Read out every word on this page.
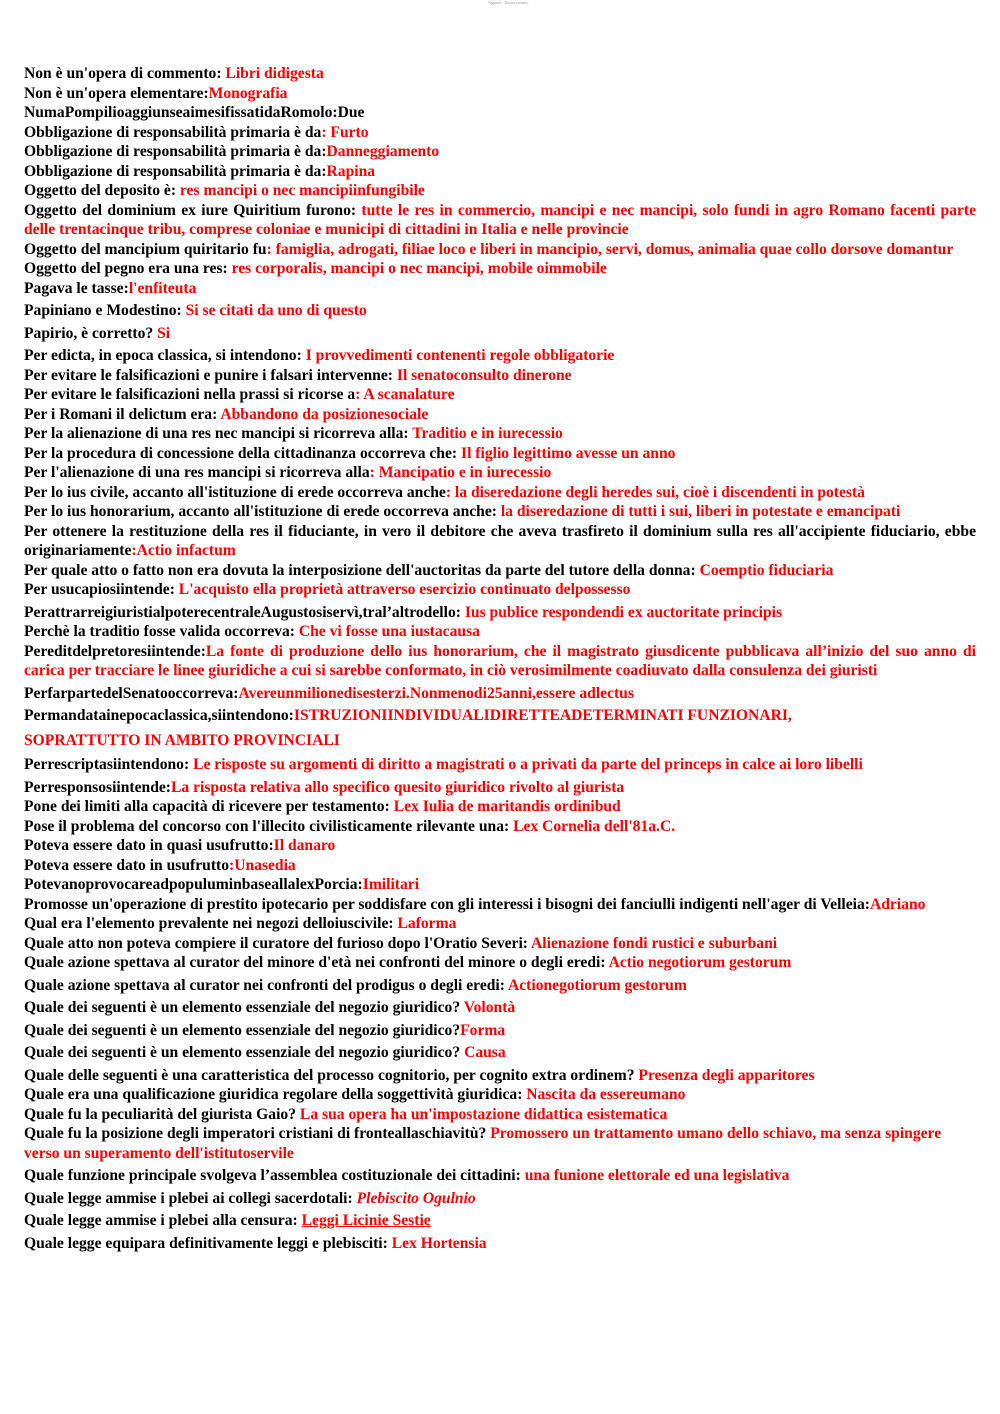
Appunti · Diritto romano

Non è un'opera di commento: Libri didigesta

Non è un'opera elementare:Monografia

NumaPompilioaggiunseaimesifissatidaRomolo:Due

Obbligazione di responsabilità primaria è da: Furto

Obbligazione di responsabilità primaria è da:Danneggiamento

Obbligazione di responsabilità primaria è da:Rapina

Oggetto del deposito è: res mancipi o nec mancipiinfungibile

Oggetto del dominium ex iure Quiritium furono: tutte le res in commercio, mancipi e nec mancipi, solo fundi in agro Romano facenti parte delle trentacinque tribu, comprese coloniae e municipi di cittadini in Italia e nelle provincie

Oggetto del mancipium quiritario fu: famiglia, adrogati, filiae loco e liberi in mancipio, servi, domus, animalia quae collo dorsove domantur

Oggetto del pegno era una res: res corporalis, mancipi o nec mancipi, mobile oimmobile

Pagava le tasse:l'enfiteuta

Papiniano e Modestino: Si se citati da uno di questo

Papirio, è corretto? Si

Per edicta, in epoca classica, si intendono: I provvedimenti contenenti regole obbligatorie

Per evitare le falsificazioni e punire i falsari intervenne: Il senatoconsulto dinerone

Per evitare le falsificazioni nella prassi si ricorse a: A scanalature

Per i Romani il delictum era: Abbandono da posizionesociale

Per la alienazione di una res nec mancipi si ricorreva alla: Traditio e in iurecessio

Per la procedura di concessione della cittadinanza occorreva che: Il figlio legittimo avesse un anno

Per l'alienazione di una res mancipi si ricorreva alla: Mancipatio e in iurecessio

Per lo ius civile, accanto all'istituzione di erede occorreva anche: la diseredazione degli heredes sui, cioè i discendenti in potestà

Per lo ius honorarium, accanto all'istituzione di erede occorreva anche: la diseredazione di tutti i sui, liberi in potestate e emancipati

Per ottenere la restituzione della res il fiduciante, in vero il debitore che aveva trasfireto il dominium sulla res all'accipiente fiduciario, ebbe originariamente:Actio infactum

Per quale atto o fatto non era dovuta la interposizione dell'auctoritas da parte del tutore della donna: Coemptio fiduciaria

Per usucapiosiintende: L'acquisto ella proprietà attraverso esercizio continuato delpossesso

PerattrarreigiuristialpoterecentraleAugustosiservì,tral’altrodello: Ius publice respondendi ex auctoritate principis

Perchè la traditio fosse valida occorreva: Che vi fosse una iustacausa

Pereditdelpretoresiintende:La fonte di produzione dello ius honorarium, che il magistrato giusdicente pubblicava all’inizio del suo anno di carica per tracciare le linee giuridiche a cui si sarebbe conformato, in ciò verosimilmente coadiuvato dalla consulenza dei giuristi

PerfarpartedelSenatooccorreva:Avereunmilionedisesterzi.Nonmenodi25anni,essere adlectus

Permandatainepocaclassica,siintendono:ISTRUZIONIINDIVIDUALIDIRETTEADETERMINATI FUNZIONARI,

SOPRATTUTTO IN AMBITO PROVINCIALI

Perrescriptasiintendono: Le risposte su argomenti di diritto a magistrati o a privati da parte del princeps in calce ai loro libelli

Perresponsosiintende:La risposta relativa allo specifico quesito giuridico rivolto al giurista

Pone dei limiti alla capacità di ricevere per testamento: Lex Iulia de maritandis ordinibud

Pose il problema del concorso con l'illecito civilisticamente rilevante una: Lex Cornelia dell'81a.C.

Poteva essere dato in quasi usufrutto:Il danaro

Poteva essere dato in usufrutto:Unasedia

PotevanoprovocareadpopuluminbaseallalexPorcia:Imilitari

Promosse un'operazione di prestito ipotecario per soddisfare con gli interessi i bisogni dei fanciulli indigenti nell'ager di Velleia:Adriano

Qual era l'elemento prevalente nei negozi delloiuscivile: Laforma

Quale atto non poteva compiere il curatore del furioso dopo l'Oratio Severi: Alienazione fondi rustici e suburbani

Quale azione spettava al curator del minore d'età nei confronti del minore o degli eredi: Actio negotiorum gestorum

Quale azione spettava al curator nei confronti del prodigus o degli eredi: Actionegotiorum gestorum

Quale dei seguenti è un elemento essenziale del negozio giuridico? Volontà

Quale dei seguenti è un elemento essenziale del negozio giuridico?Forma

Quale dei seguenti è un elemento essenziale del negozio giuridico? Causa

Quale delle seguenti è una caratteristica del processo cognitorio, per cognito extra ordinem? Presenza degli apparitores

Quale era una qualificazione giuridica regolare della soggettività giuridica: Nascita da essereumano

Quale fu la peculiarità del giurista Gaio? La sua opera ha un'impostazione didattica esistematica

Quale fu la posizione degli imperatori cristiani di fronteallaschiavitù? Promossero un trattamento umano dello schiavo, ma senza spingere verso un superamento dell'istitutoservile

Quale funzione principale svolgeva l’assemblea costituzionale dei cittadini: una funione elettorale ed una legislativa

Quale legge ammise i plebei ai collegi sacerdotali: Plebiscito Ogulnio

Quale legge ammise i plebei alla censura: Leggi Licinie Sestie

Quale legge equipara definitivamente leggi e plebisciti: Lex Hortensia
